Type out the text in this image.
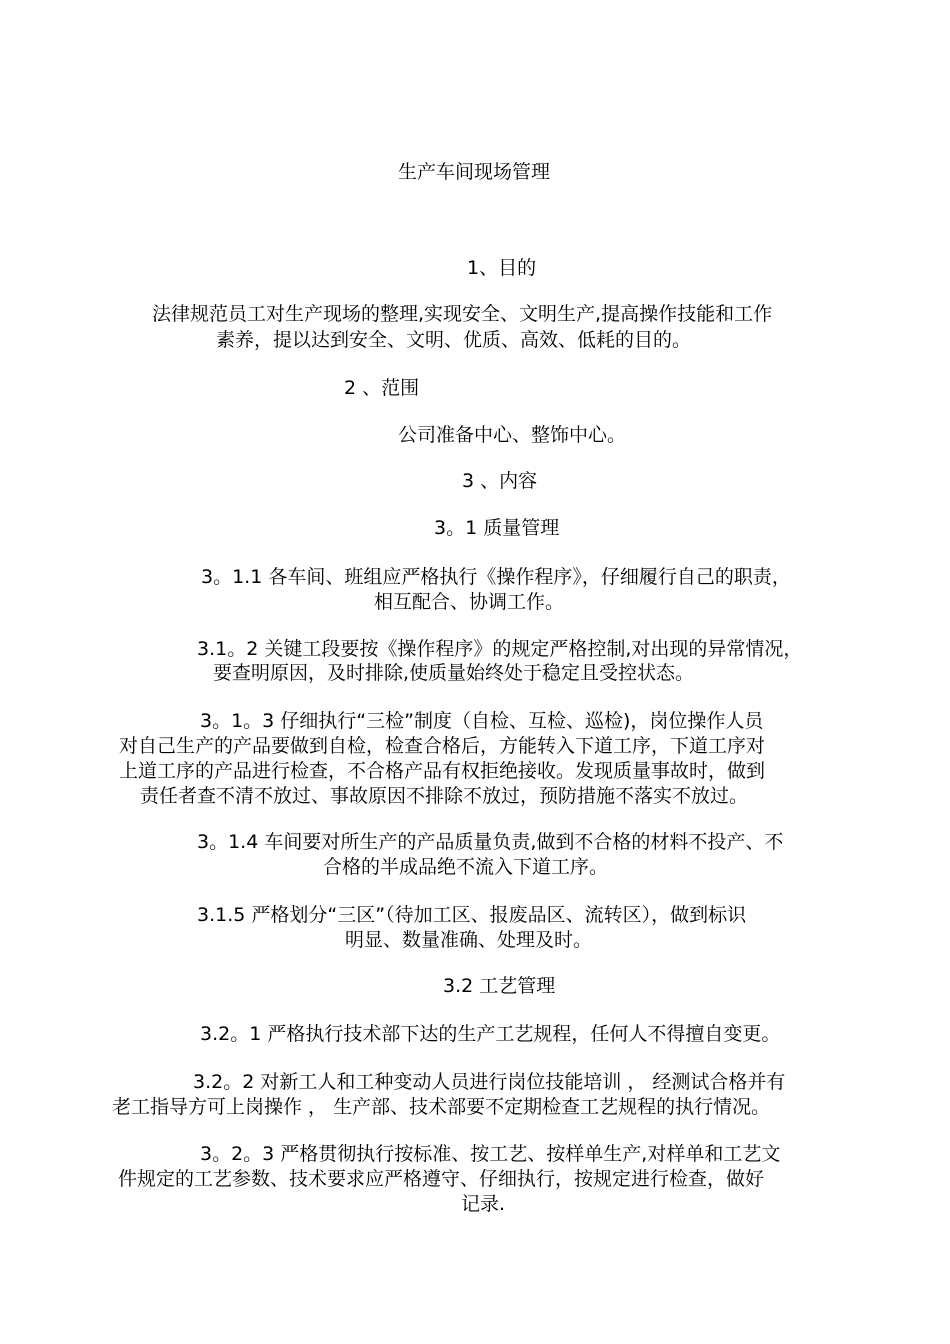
生产车间现场管理
1、目的
法律规范员工对生产现场的整理,实现安全、文明生产,提高操作技能和工作
素养，提以达到安全、文明、优质、高效、低耗的目的。
2 、范围
公司准备中心、整饰中心。
3 、内容
3。1 质量管理
3。1.1 各车间、班组应严格执行《操作程序》，仔细履行自己的职责，
相互配合、协调工作。
3.1。2 关键工段要按《操作程序》的规定严格控制,对出现的异常情况，
要查明原因，及时排除,使质量始终处于稳定且受控状态。
3。1。3 仔细执行“三检”制度（自检、互检、巡检)，岗位操作人员
对自己生产的产品要做到自检，检查合格后，方能转入下道工序，下道工序对
上道工序的产品进行检查，不合格产品有权拒绝接收。发现质量事故时，做到
责任者查不清不放过、事故原因不排除不放过，预防措施不落实不放过。
3。1.4 车间要对所生产的产品质量负责,做到不合格的材料不投产、不
合格的半成品绝不流入下道工序。
3.1.5 严格划分“三区”（待加工区、报废品区、流转区），做到标识
明显、数量准确、处理及时。
3.2 工艺管理
3.2。1 严格执行技术部下达的生产工艺规程，任何人不得擅自变更。
3.2。2 对新工人和工种变动人员进行岗位技能培训 ， 经测试合格并有
老工指导方可上岗操作 ， 生产部、技术部要不定期检查工艺规程的执行情况。
3。2。3 严格贯彻执行按标准、按工艺、按样单生产,对样单和工艺文
件规定的工艺参数、技术要求应严格遵守、仔细执行，按规定进行检查，做好
记录.
